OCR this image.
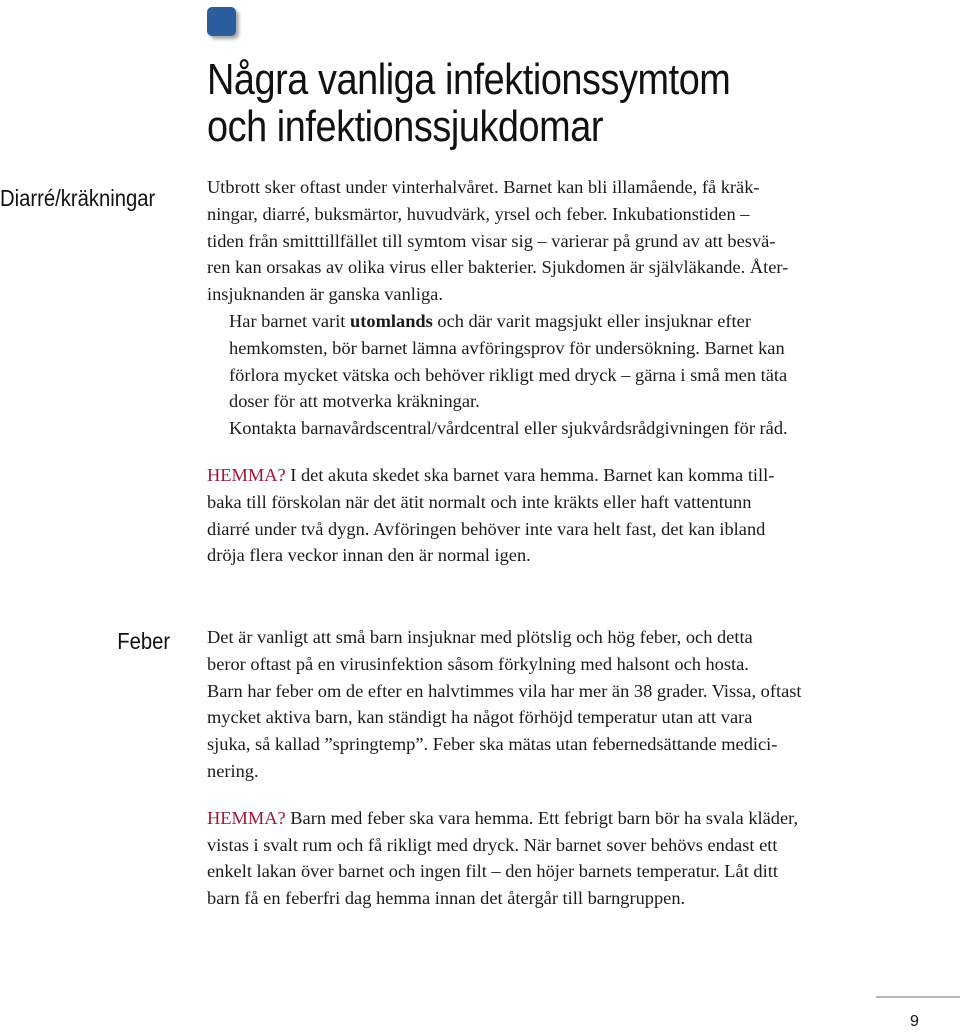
Några vanliga infektionssymtom
och infektionssjukdomar
Diarré/kräkningar	Utbrott sker oftast under vinterhalvåret. Barnet kan bli illamående, få kräk-
ningar, diarré, buksmärtor, huvudvärk, yrsel och feber. Inkubationstiden –
tiden från smitttillfället till symtom visar sig – varierar på grund av att besvä-
ren kan orsakas av olika virus eller bakterier. Sjukdomen är självläkande. Åter-
insjuknanden är ganska vanliga.

Har barnet varit utomlands och där varit magsjukt eller insjuknar efter
hemkomsten, bör barnet lämna avföringsprov för undersökning. Barnet kan
förlora mycket vätska och behöver rikligt med dryck – gärna i små men täta
doser för att motverka kräkningar.

Kontakta barnavårdscentral/vårdcentral eller sjukvårdsrådgivningen för råd.

HEMMA? I det akuta skedet ska barnet vara hemma. Barnet kan komma till-
baka till förskolan när det ätit normalt och inte kräkts eller haft vattentunn
diarré under två dygn. Avföringen behöver inte vara helt fast, det kan ibland
dröja flera veckor innan den är normal igen.

Feber Det är vanligt att små barn insjuknar med plötslig och hög feber, och detta
beror oftast på en virusinfektion såsom förkylning med halsont och hosta.
Barn har feber om de efter en halvtimmes vila har mer än 38 grader. Vissa, oftast
mycket aktiva barn, kan ständigt ha något förhöjd temperatur utan att vara
sjuka, så kallad ”springtemp”. Feber ska mätas utan febernedsättande medici-
nering.

HEMMA? Barn med feber ska vara hemma. Ett febrigt barn bör ha svala kläder,
vistas i svalt rum och få rikligt med dryck. När barnet sover behövs endast ett
enkelt lakan över barnet och ingen filt – den höjer barnets temperatur. Låt ditt
barn få en feberfri dag hemma innan det återgår till barngruppen.

9
